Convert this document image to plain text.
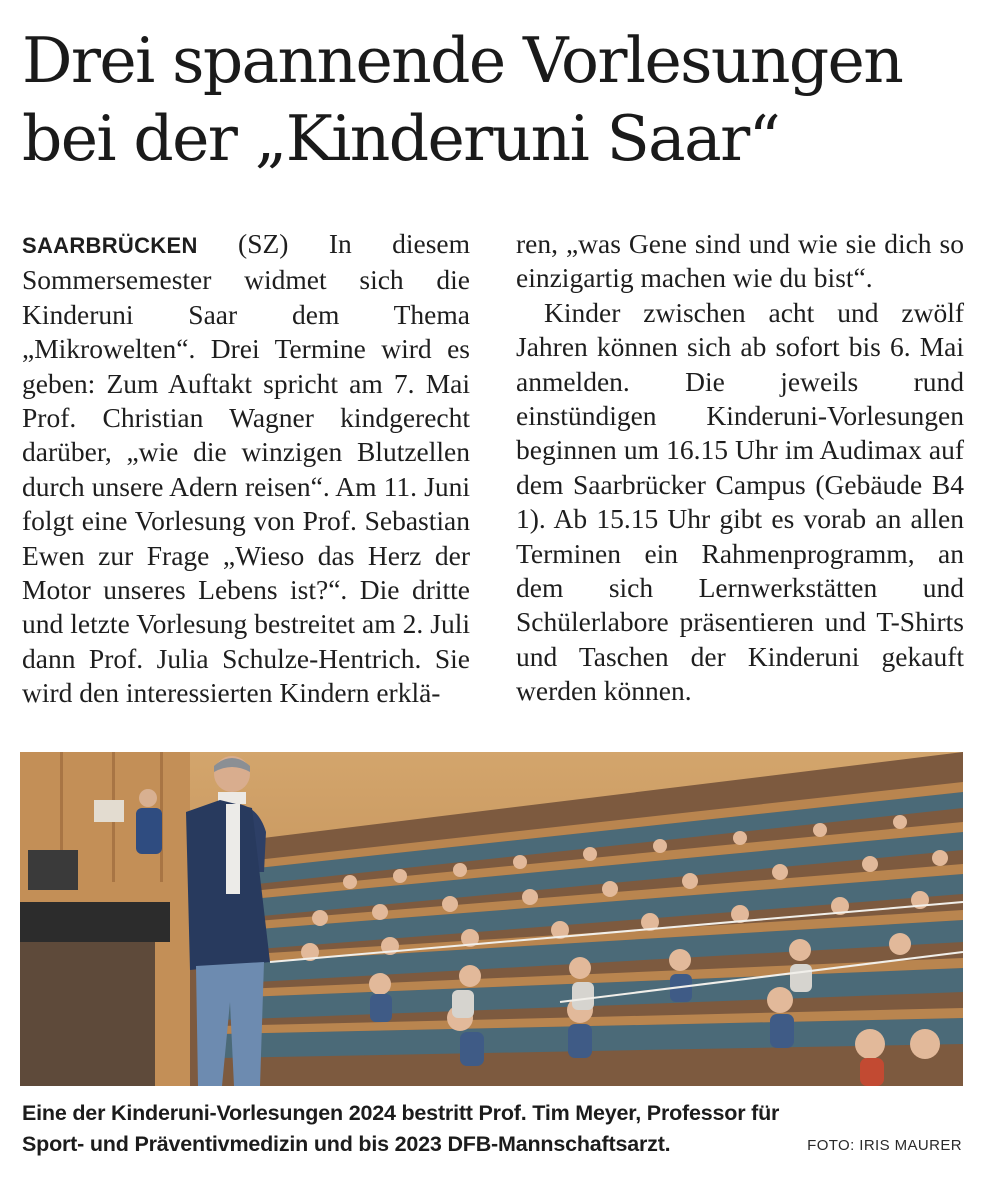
Drei spannende Vorlesungen
bei der „Kinderuni Saar“

SAARBRÜCKEN (SZ) In diesem Sommersemester widmet sich die Kinderuni Saar dem Thema „Mikrowelten“. Drei Termine wird es geben: Zum Auftakt spricht am 7. Mai Prof. Christian Wagner kindgerecht darüber, „wie die winzigen Blutzellen durch unsere Adern reisen“. Am 11. Juni folgt eine Vorlesung von Prof. Sebastian Ewen zur Frage „Wieso das Herz der Motor unseres Lebens ist?“. Die dritte und letzte Vorlesung bestreitet am 2. Juli dann Prof. Julia Schulze-Hentrich. Sie wird den interessierten Kindern erklä-

ren, „was Gene sind und wie sie dich so einzigartig machen wie du bist“.

Kinder zwischen acht und zwölf Jahren können sich ab sofort bis 6. Mai anmelden. Die jeweils rund einstündigen Kinderuni-Vorlesungen beginnen um 16.15 Uhr im Audimax auf dem Saarbrücker Campus (Gebäude B4 1). Ab 15.15 Uhr gibt es vorab an allen Terminen ein Rahmenprogramm, an dem sich Lernwerkstätten und Schülerlabore präsentieren und T-Shirts und Taschen der Kinderuni gekauft werden können.

Eine der Kinderuni-Vorlesungen 2024 bestritt Prof. Tim Meyer, Professor für Sport- und Präventivmedizin und bis 2023 DFB-Mannschaftsarzt.	FOTO: IRIS MAURER
